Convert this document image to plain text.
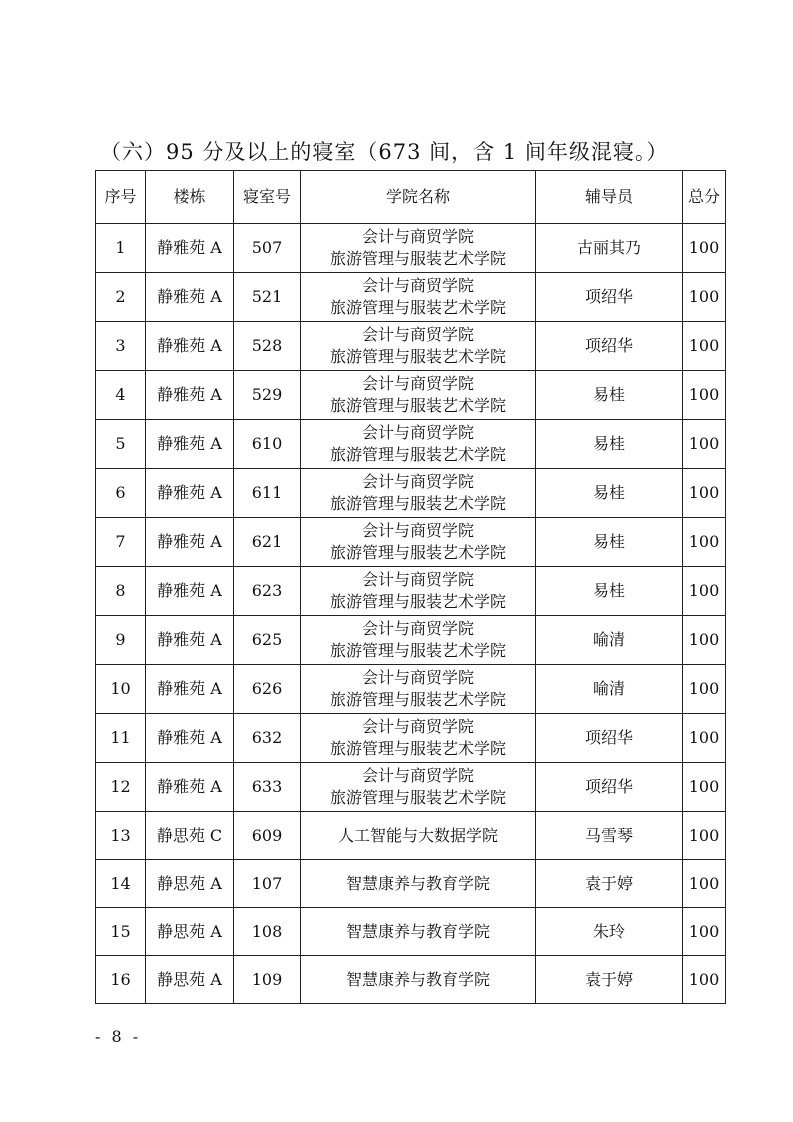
（六）95 分及以上的寝室（673 间，含 1 间年级混寝。）
序号	楼栋	寝室号	学院名称	辅导员	总分
1	静雅苑 A	507	会计与商贸学院
旅游管理与服装艺术学院	古丽其乃	100
2	静雅苑 A	521	会计与商贸学院
旅游管理与服装艺术学院	项绍华	100
3	静雅苑 A	528	会计与商贸学院
旅游管理与服装艺术学院	项绍华	100
4	静雅苑 A	529	会计与商贸学院
旅游管理与服装艺术学院	易桂	100
5	静雅苑 A	610	会计与商贸学院
旅游管理与服装艺术学院	易桂	100
6	静雅苑 A	611	会计与商贸学院
旅游管理与服装艺术学院	易桂	100
7	静雅苑 A	621	会计与商贸学院
旅游管理与服装艺术学院	易桂	100
8	静雅苑 A	623	会计与商贸学院
旅游管理与服装艺术学院	易桂	100
9	静雅苑 A	625	会计与商贸学院
旅游管理与服装艺术学院	喻清	100
10	静雅苑 A	626	会计与商贸学院
旅游管理与服装艺术学院	喻清	100
11	静雅苑 A	632	会计与商贸学院
旅游管理与服装艺术学院	项绍华	100
12	静雅苑 A	633	会计与商贸学院
旅游管理与服装艺术学院	项绍华	100
13	静思苑 C	609	人工智能与大数据学院	马雪琴	100
14	静思苑 A	107	智慧康养与教育学院	袁于婷	100
15	静思苑 A	108	智慧康养与教育学院	朱玲	100
16	静思苑 A	109	智慧康养与教育学院	袁于婷	100
- 8 -
